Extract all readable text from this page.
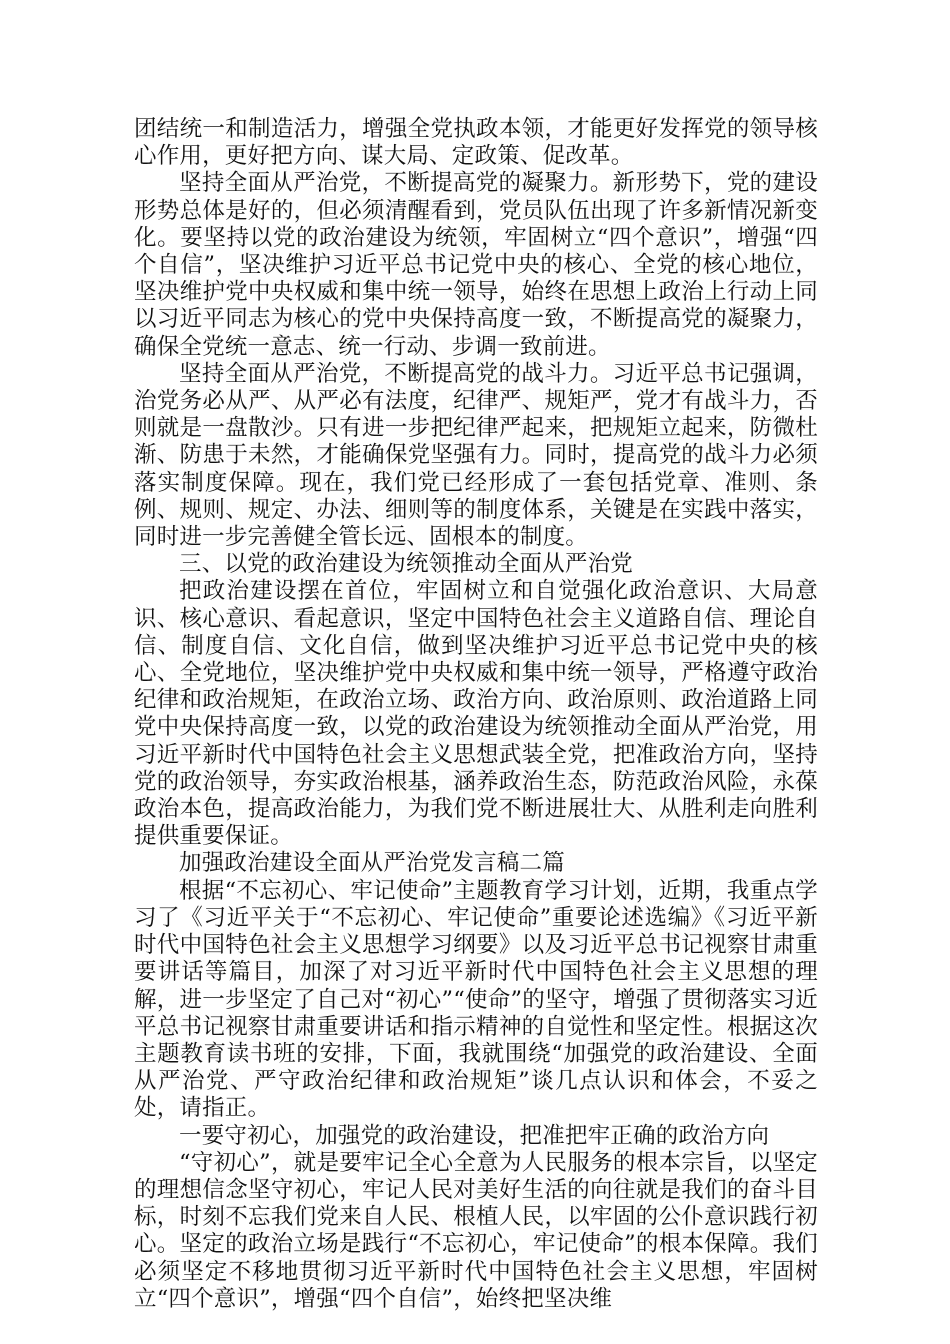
团结统一和制造活力，增强全党执政本领，才能更好发挥党的领导核心作用，更好把方向、谋大局、定政策、促改革。

坚持全面从严治党，不断提高党的凝聚力。新形势下，党的建设形势总体是好的，但必须清醒看到，党员队伍出现了许多新情况新变化。要坚持以党的政治建设为统领，牢固树立“四个意识”，增强“四个自信”，坚决维护习近平总书记党中央的核心、全党的核心地位，坚决维护党中央权威和集中统一领导，始终在思想上政治上行动上同以习近平同志为核心的党中央保持高度一致，不断提高党的凝聚力，确保全党统一意志、统一行动、步调一致前进。

坚持全面从严治党，不断提高党的战斗力。习近平总书记强调，治党务必从严、从严必有法度，纪律严、规矩严，党才有战斗力，否则就是一盘散沙。只有进一步把纪律严起来，把规矩立起来，防微杜渐、防患于未然，才能确保党坚强有力。同时，提高党的战斗力必须落实制度保障。现在，我们党已经形成了一套包括党章、准则、条例、规则、规定、办法、细则等的制度体系，关键是在实践中落实，同时进一步完善健全管长远、固根本的制度。

三、以党的政治建设为统领推动全面从严治党

把政治建设摆在首位，牢固树立和自觉强化政治意识、大局意识、核心意识、看起意识，坚定中国特色社会主义道路自信、理论自信、制度自信、文化自信，做到坚决维护习近平总书记党中央的核心、全党地位，坚决维护党中央权威和集中统一领导，严格遵守政治纪律和政治规矩，在政治立场、政治方向、政治原则、政治道路上同党中央保持高度一致，以党的政治建设为统领推动全面从严治党，用习近平新时代中国特色社会主义思想武装全党，把准政治方向，坚持党的政治领导，夯实政治根基，涵养政治生态，防范政治风险，永葆政治本色，提高政治能力，为我们党不断进展壮大、从胜利走向胜利提供重要保证。

加强政治建设全面从严治党发言稿二篇

根据“不忘初心、牢记使命”主题教育学习计划，近期，我重点学习了《习近平关于“不忘初心、牢记使命”重要论述选编》《习近平新时代中国特色社会主义思想学习纲要》以及习近平总书记视察甘肃重要讲话等篇目，加深了对习近平新时代中国特色社会主义思想的理解，进一步坚定了自己对“初心”“使命”的坚守，增强了贯彻落实习近平总书记视察甘肃重要讲话和指示精神的自觉性和坚定性。根据这次主题教育读书班的安排，下面，我就围绕“加强党的政治建设、全面从严治党、严守政治纪律和政治规矩”谈几点认识和体会，不妥之处，请指正。

一要守初心，加强党的政治建设，把准把牢正确的政治方向

“守初心”，就是要牢记全心全意为人民服务的根本宗旨，以坚定的理想信念坚守初心，牢记人民对美好生活的向往就是我们的奋斗目标，时刻不忘我们党来自人民、根植人民，以牢固的公仆意识践行初心。坚定的政治立场是践行“不忘初心，牢记使命”的根本保障。我们必须坚定不移地贯彻习近平新时代中国特色社会主义思想，牢固树立“四个意识”，增强“四个自信”，始终把坚决维
